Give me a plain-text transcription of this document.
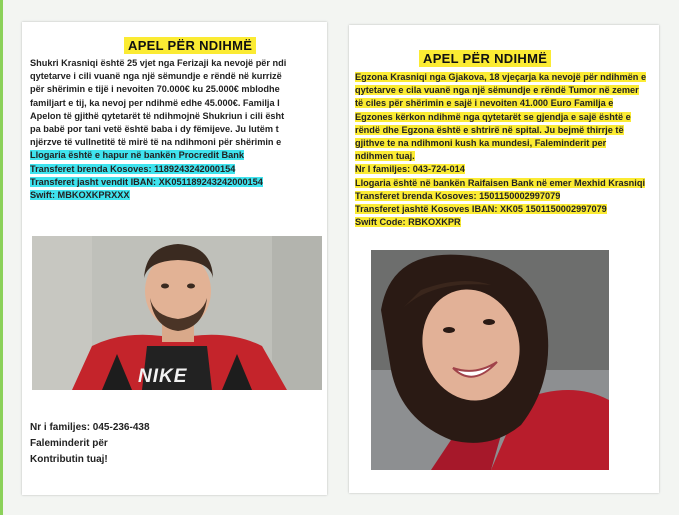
APEL PËR NDIHMË
Shukri Krasniqi është 25 vjet nga Ferizaji ka nevojë për ndi
qytetarve i cili vuanë nga një sëmundje e rëndë në kurrizë
për shërimin e tijë i nevoiten 70.000€ ku 25.000€ mblodhe
familjart e tij, ka nevoj per ndihmë edhe 45.000€. Familja I
Apelon të gjithë qytetarët të ndihmojnë Shukriun i cili ësht
pa babë por tani vetë është baba i dy fëmijeve. Ju lutëm t
njërzve të vullnetitë të mirë të na ndihmoni për shërimin e
Llogaria është e hapur në bankën Procredit Bank
Transferet brenda Kosoves: 1189243242000154
Transferet jasht vendit IBAN: XK051189243242000154
Swift: MBKOXKPRXXX
NIKE
Nr i familjes: 045-236-438
Faleminderit për
Kontributin tuaj!
APEL PËR NDIHMË
Egzona Krasniqi nga Gjakova, 18 vjeçarja ka nevojë për ndihmën e
qytetarve e cila vuanë nga një sëmundje e rëndë Tumor në zemer
të ciles për shërimin e sajë i nevoiten 41.000 Euro Familja e
Egzones kërkon ndihmë nga qytetarët se gjendja e sajë është e
rëndë dhe Egzona është e shtrirë në spital. Ju bejmë thirrje të
gjithve te na ndihmoni kush ka mundesi, Faleminderit per
ndihmen tuaj.
Nr I familjes: 043-724-014
Llogaria është në bankën Raifaisen Bank në emer Mexhid Krasniqi
Transferet brenda Kosoves: 1501150002997079
Transferet jashtë Kosoves IBAN: XK05 1501150002997079
Swift Code: RBKOXKPR
